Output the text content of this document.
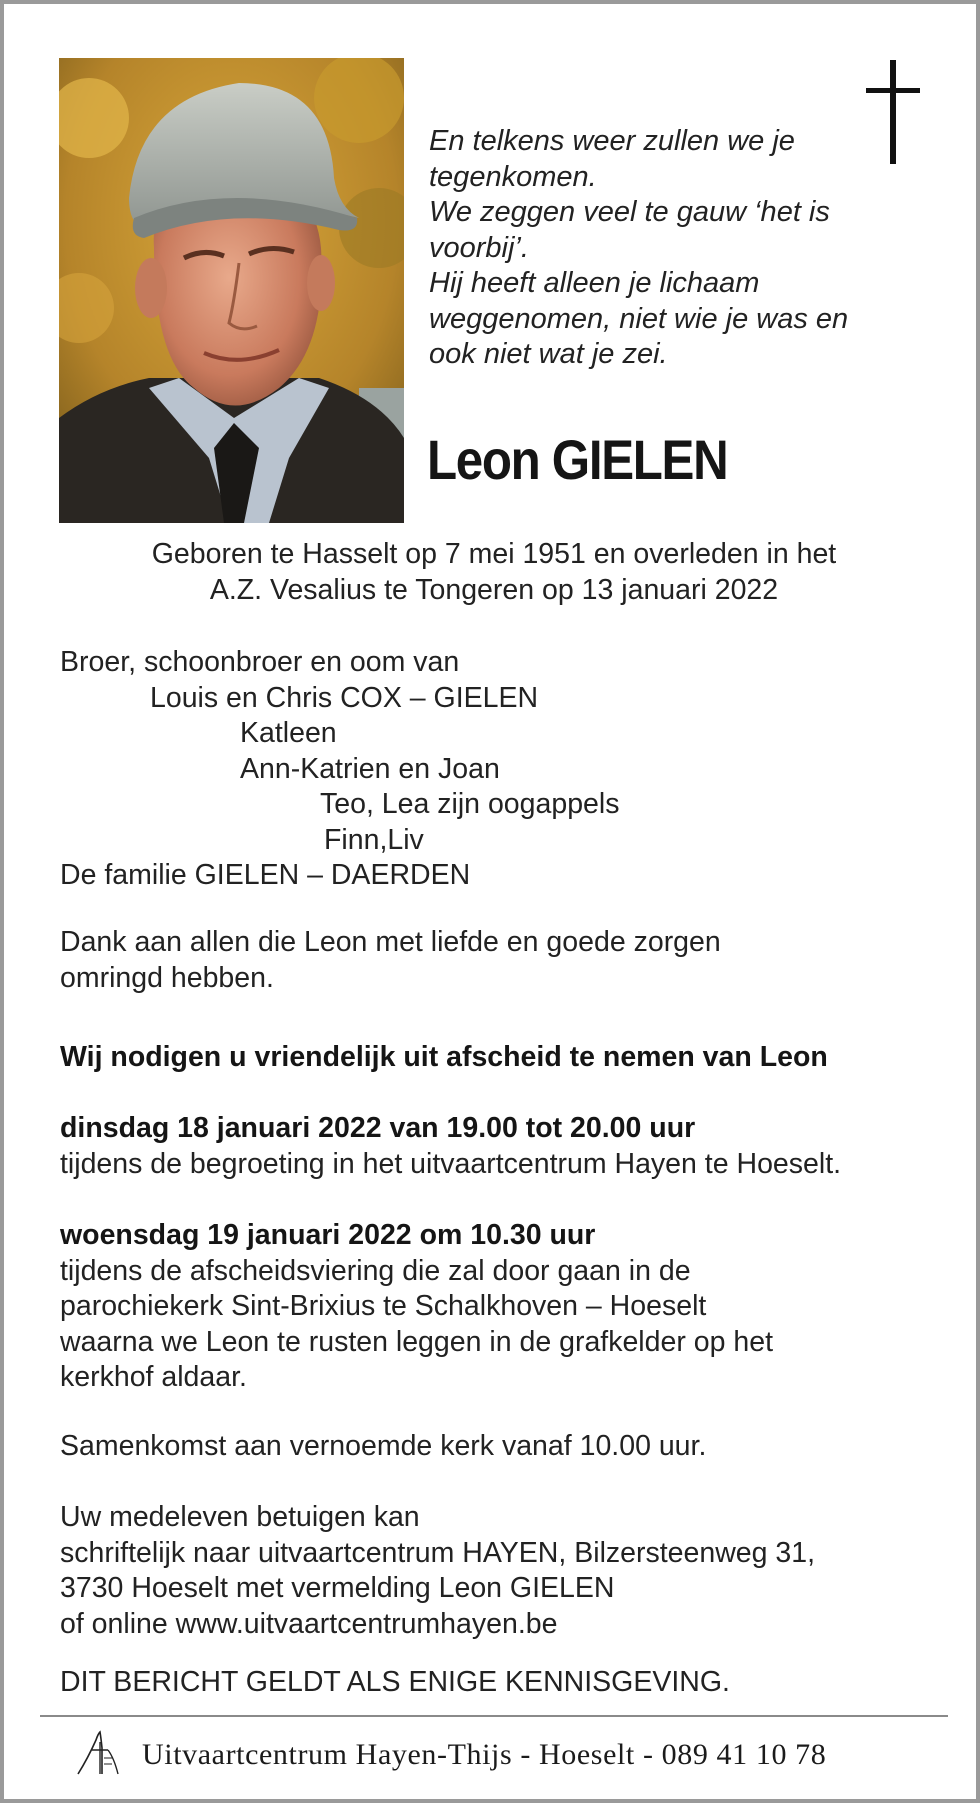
En telkens weer zullen we je
tegenkomen.
We zeggen veel te gauw ‘het is
voorbij’.
Hij heeft alleen je lichaam
weggenomen, niet wie je was en
ook niet wat je zei.
Leon GIELEN
Geboren te Hasselt op 7 mei 1951 en overleden in het
A.Z. Vesalius te Tongeren op 13 januari 2022
Broer, schoonbroer en oom van
Louis en Chris COX – GIELEN
Katleen
Ann-Katrien en Joan
Teo, Lea zijn oogappels
Finn,Liv
De familie GIELEN – DAERDEN
Dank aan allen die Leon met liefde en goede zorgen
omringd hebben.
Wij nodigen u vriendelijk uit afscheid te nemen van Leon
dinsdag 18 januari 2022 van 19.00 tot 20.00 uur
tijdens de begroeting in het uitvaartcentrum Hayen te Hoeselt.
woensdag 19 januari 2022 om 10.30 uur
tijdens de afscheidsviering die zal door gaan in de
parochiekerk Sint-Brixius te Schalkhoven – Hoeselt
waarna we Leon te rusten leggen in de grafkelder op het
kerkhof aldaar.
Samenkomst aan vernoemde kerk vanaf 10.00 uur.
Uw medeleven betuigen kan
schriftelijk naar uitvaartcentrum HAYEN, Bilzersteenweg 31,
3730 Hoeselt met vermelding Leon GIELEN
of online www.uitvaartcentrumhayen.be
DIT BERICHT GELDT ALS ENIGE KENNISGEVING.
Uitvaartcentrum Hayen-Thijs - Hoeselt - 089 41 10 78
